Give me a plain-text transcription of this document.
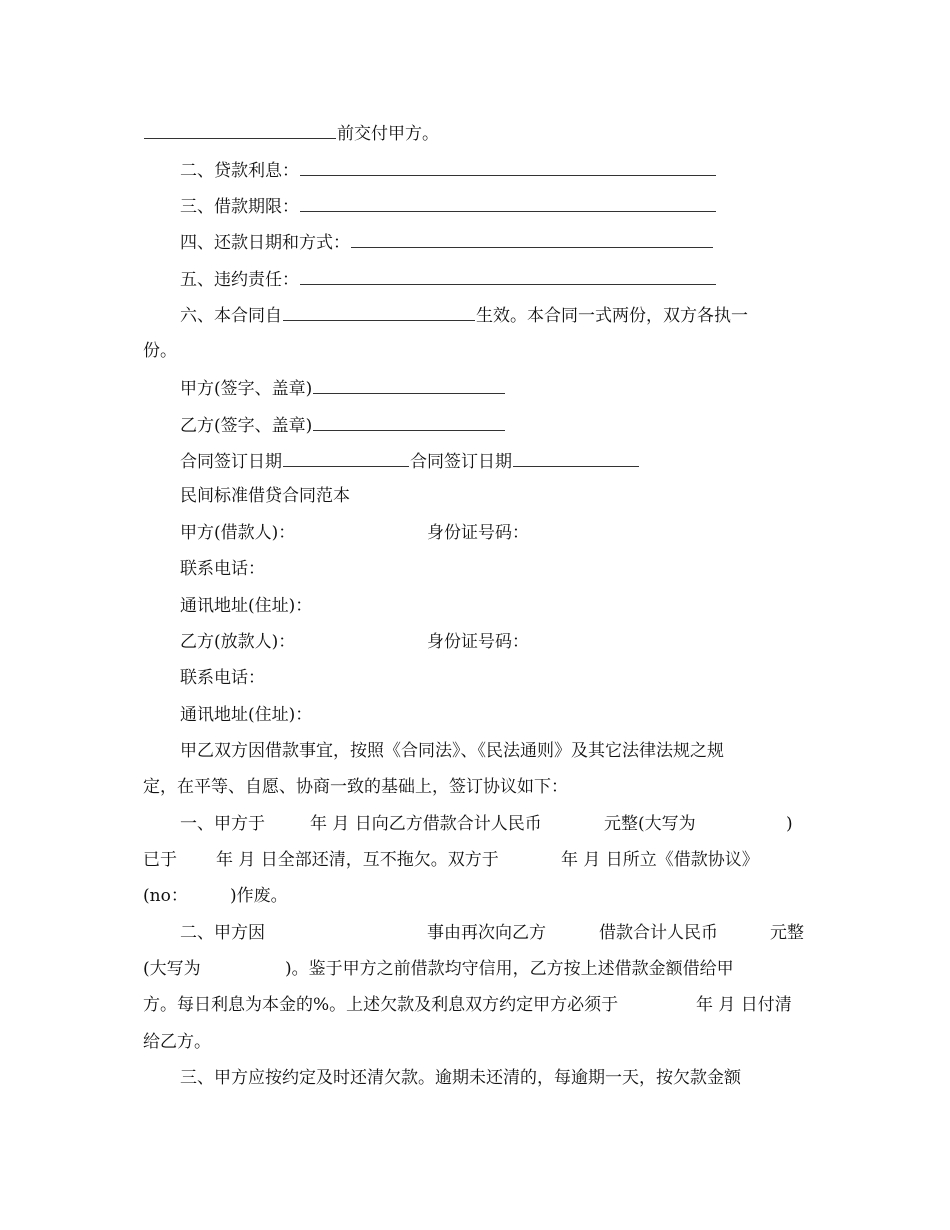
前交付甲方。
二、贷款利息：
三、借款期限：
四、还款日期和方式：
五、违约责任：
六、本合同自	生效。本合同一式两份，双方各执一
份。
甲方(签字、盖章)
乙方(签字、盖章)
合同签订日期	合同签订日期
民间标准借贷合同范本
甲方(借款人)：	身份证号码：
联系电话：
通讯地址(住址)：
乙方(放款人)：	身份证号码：
联系电话：
通讯地址(住址)：
甲乙双方因借款事宜，按照《合同法》、《民法通则》及其它法律法规之规
定，在平等、自愿、协商一致的基础上，签订协议如下：
一、甲方于	年 月 日向乙方借款合计人民币	元整(大写为	)
已于 年 月 日全部还清，互不拖欠。双方于	年 月 日所立《借款协议》
(no： )作废。
二、甲方因	事由再次向乙方	借款合计人民币	元整
(大写为	)。鉴于甲方之前借款均守信用，乙方按上述借款金额借给甲
方。每日利息为本金的%。上述欠款及利息双方约定甲方必须于	年 月 日付清
给乙方。
三、甲方应按约定及时还清欠款。逾期未还清的，每逾期一天，按欠款金额
